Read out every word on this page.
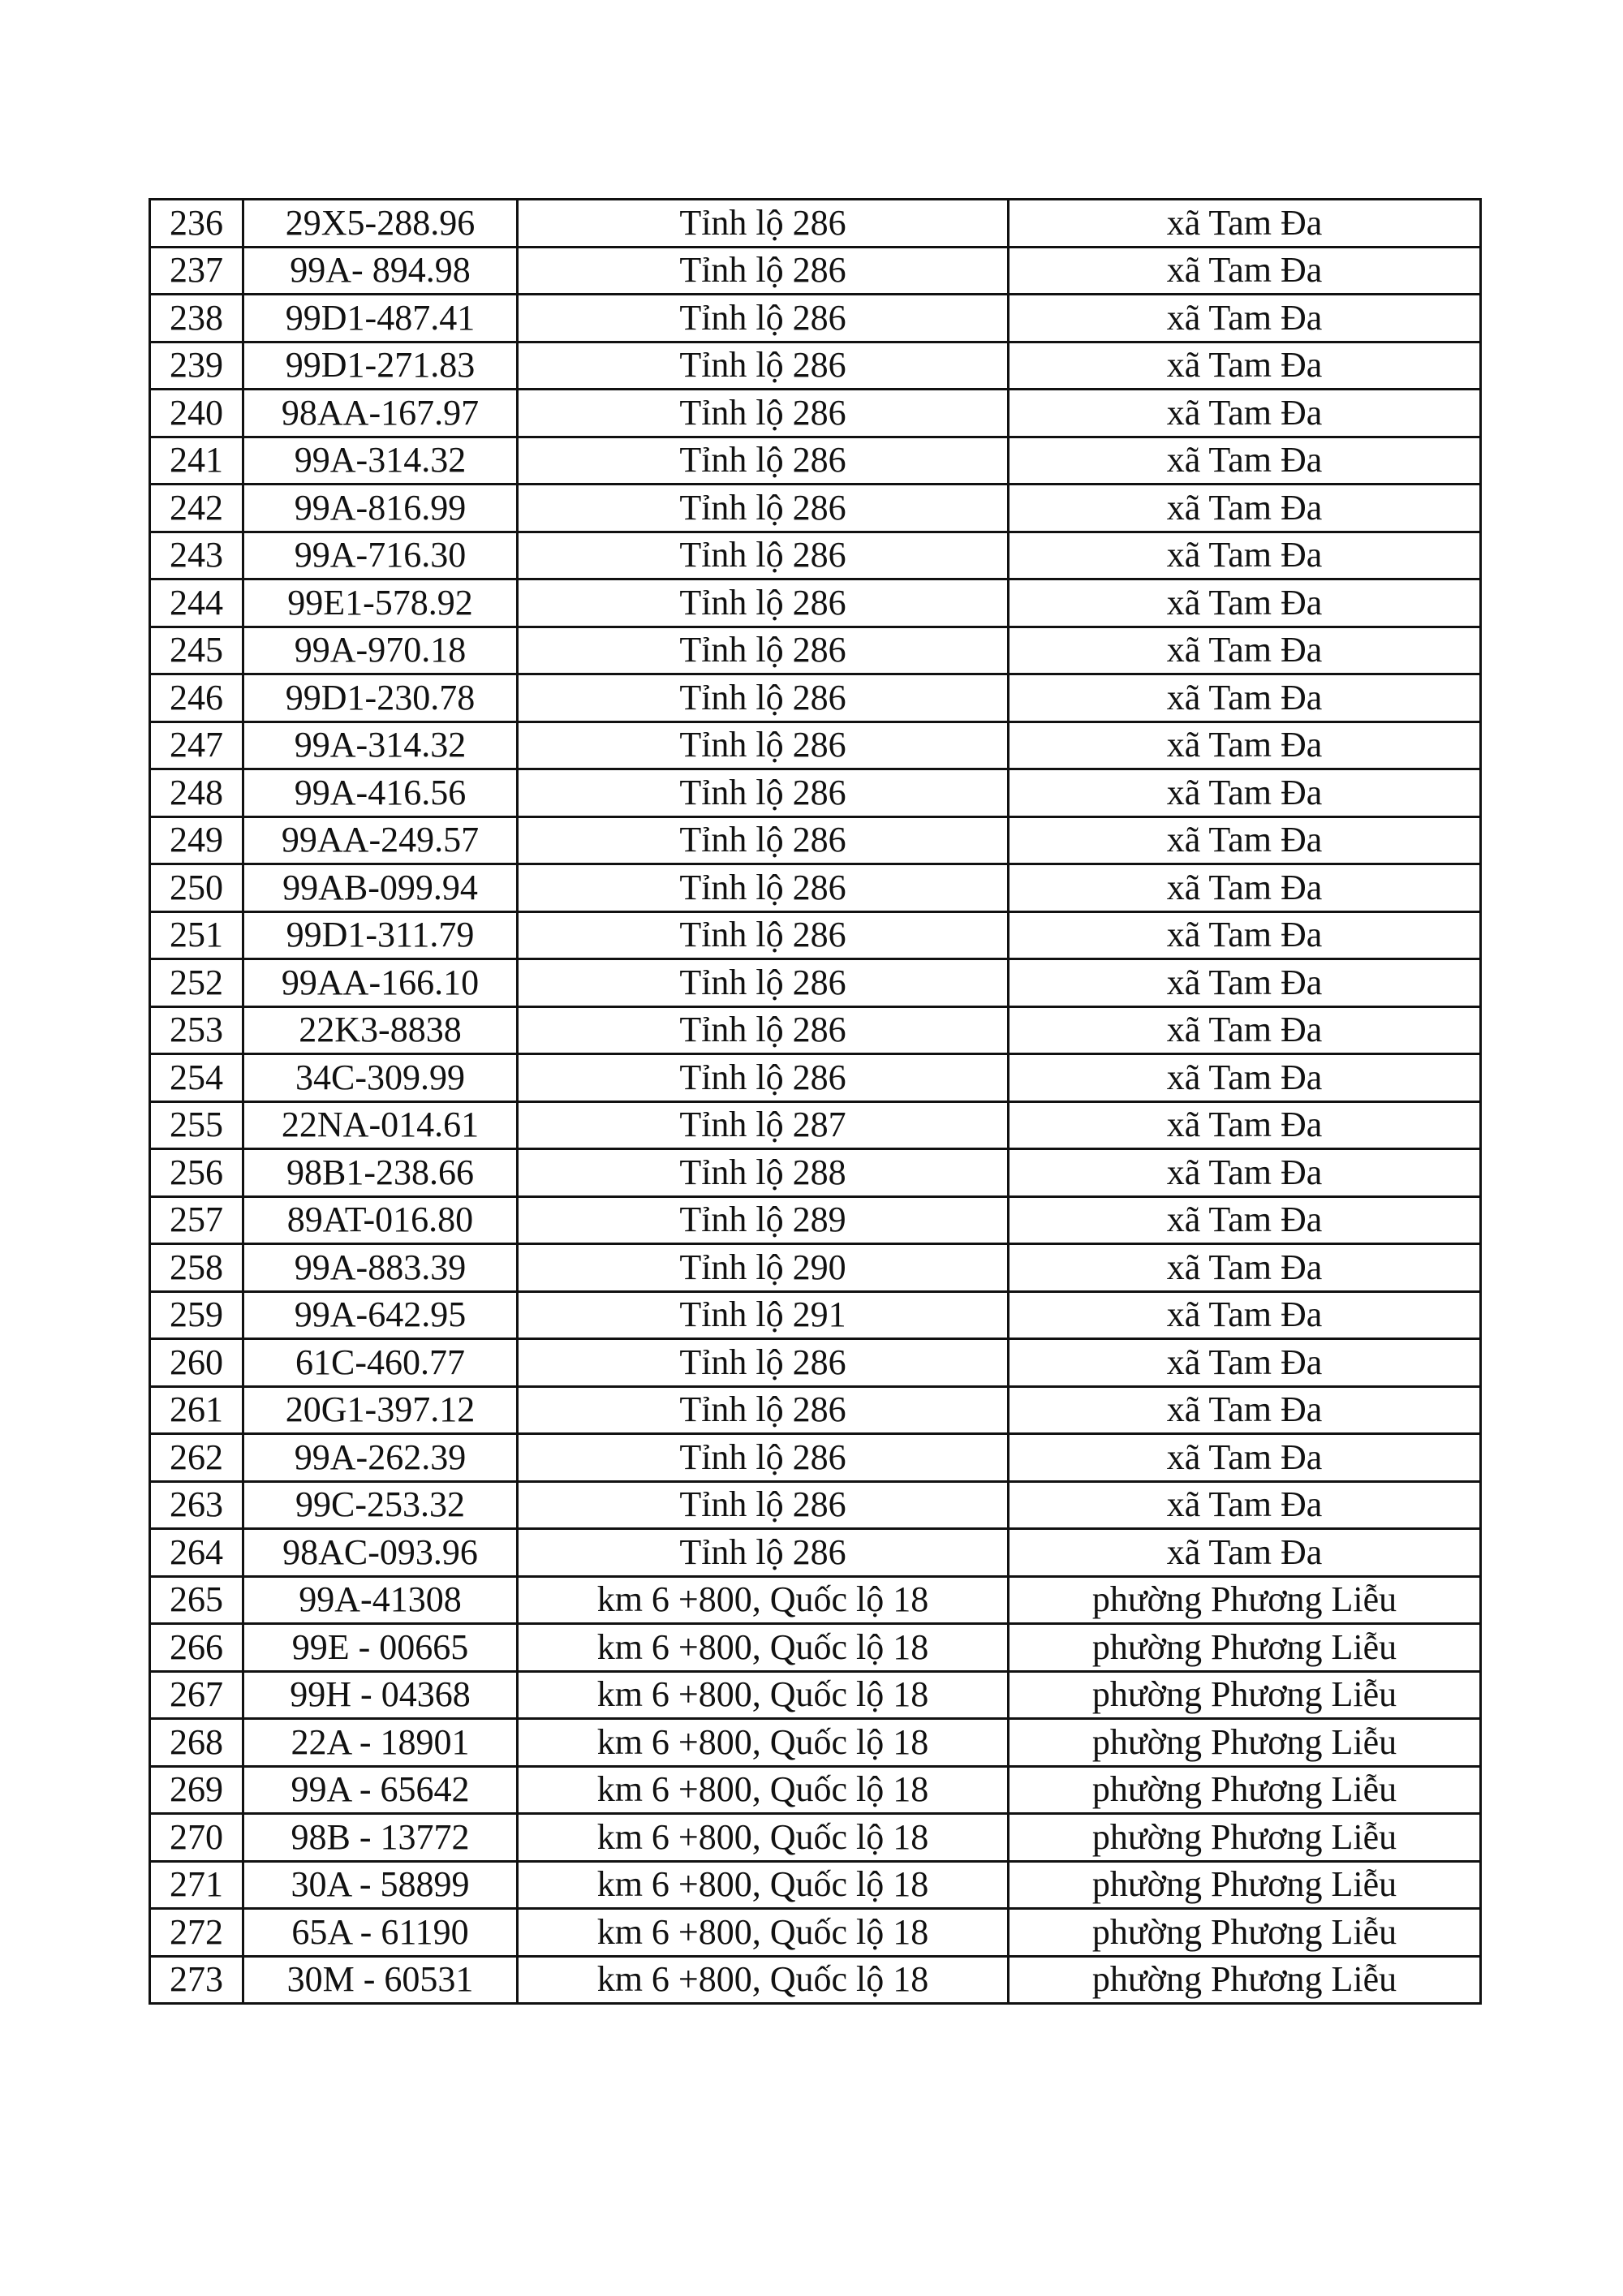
236	29X5-288.96	Tỉnh lộ 286	xã Tam Đa
237	99A- 894.98	Tỉnh lộ 286	xã Tam Đa
238	99D1-487.41	Tỉnh lộ 286	xã Tam Đa
239	99D1-271.83	Tỉnh lộ 286	xã Tam Đa
240	98AA-167.97	Tỉnh lộ 286	xã Tam Đa
241	99A-314.32	Tỉnh lộ 286	xã Tam Đa
242	99A-816.99	Tỉnh lộ 286	xã Tam Đa
243	99A-716.30	Tỉnh lộ 286	xã Tam Đa
244	99E1-578.92	Tỉnh lộ 286	xã Tam Đa
245	99A-970.18	Tỉnh lộ 286	xã Tam Đa
246	99D1-230.78	Tỉnh lộ 286	xã Tam Đa
247	99A-314.32	Tỉnh lộ 286	xã Tam Đa
248	99A-416.56	Tỉnh lộ 286	xã Tam Đa
249	99AA-249.57	Tỉnh lộ 286	xã Tam Đa
250	99AB-099.94	Tỉnh lộ 286	xã Tam Đa
251	99D1-311.79	Tỉnh lộ 286	xã Tam Đa
252	99AA-166.10	Tỉnh lộ 286	xã Tam Đa
253	22K3-8838	Tỉnh lộ 286	xã Tam Đa
254	34C-309.99	Tỉnh lộ 286	xã Tam Đa
255	22NA-014.61	Tỉnh lộ 287	xã Tam Đa
256	98B1-238.66	Tỉnh lộ 288	xã Tam Đa
257	89AT-016.80	Tỉnh lộ 289	xã Tam Đa
258	99A-883.39	Tỉnh lộ 290	xã Tam Đa
259	99A-642.95	Tỉnh lộ 291	xã Tam Đa
260	61C-460.77	Tỉnh lộ 286	xã Tam Đa
261	20G1-397.12	Tỉnh lộ 286	xã Tam Đa
262	99A-262.39	Tỉnh lộ 286	xã Tam Đa
263	99C-253.32	Tỉnh lộ 286	xã Tam Đa
264	98AC-093.96	Tỉnh lộ 286	xã Tam Đa
265	99A-41308	km 6 +800, Quốc lộ 18	phường Phương Liễu
266	99E - 00665	km 6 +800, Quốc lộ 18	phường Phương Liễu
267	99H - 04368	km 6 +800, Quốc lộ 18	phường Phương Liễu
268	22A - 18901	km 6 +800, Quốc lộ 18	phường Phương Liễu
269	99A - 65642	km 6 +800, Quốc lộ 18	phường Phương Liễu
270	98B - 13772	km 6 +800, Quốc lộ 18	phường Phương Liễu
271	30A - 58899	km 6 +800, Quốc lộ 18	phường Phương Liễu
272	65A - 61190	km 6 +800, Quốc lộ 18	phường Phương Liễu
273	30M - 60531	km 6 +800, Quốc lộ 18	phường Phương Liễu
